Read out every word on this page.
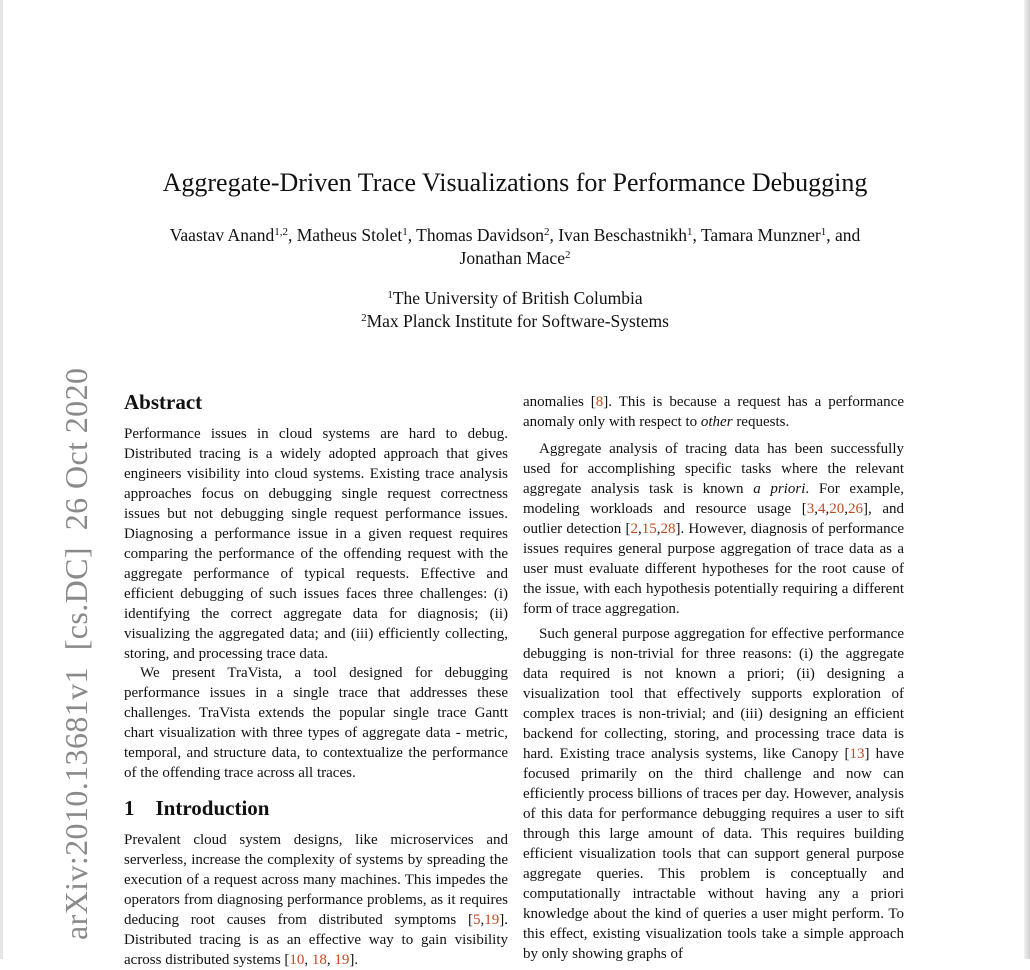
arXiv:2010.13681v1  [cs.DC]  26 Oct 2020
Aggregate-Driven Trace Visualizations for Performance Debugging
Vaastav Anand$^{1,2}$, Matheus Stolet$^1$, Thomas Davidson$^2$, Ivan Beschastnikh$^1$, Tamara Munzner$^1$, and
Jonathan Mace$^2$
$^1$The University of British Columbia
$^2$Max Planck Institute for Software-Systems
Abstract

Performance issues in cloud systems are hard to debug. Distributed tracing is a widely adopted approach that gives engineers visibility into cloud systems. Existing trace analysis approaches focus on debugging single request correctness issues but not debugging single request performance issues. Diagnosing a performance issue in a given request requires comparing the performance of the offending request with the aggregate performance of typical requests. Effective and efficient debugging of such issues faces three challenges: (i) identifying the correct aggregate data for diagnosis; (ii) visualizing the aggregated data; and (iii) efficiently collecting, storing, and processing trace data.

We present TraVista, a tool designed for debugging performance issues in a single trace that addresses these challenges. TraVista extends the popular single trace Gantt chart visualization with three types of aggregate data - metric, temporal, and structure data, to contextualize the performance of the offending trace across all traces.

1 Introduction

Prevalent cloud system designs, like microservices and serverless, increase the complexity of systems by spreading the execution of a request across many machines. This impedes the operators from diagnosing performance problems, as it requires deducing root causes from distributed symptoms [5,19]. Distributed tracing is as an effective way to gain visibility across distributed systems [10, 18, 19].

anomalies [8]. This is because a request has a performance anomaly only with respect to other requests.

Aggregate analysis of tracing data has been successfully used for accomplishing specific tasks where the relevant aggregate analysis task is known a priori. For example, modeling workloads and resource usage [3,4,20,26], and outlier detection [2,15,28]. However, diagnosis of performance issues requires general purpose aggregation of trace data as a user must evaluate different hypotheses for the root cause of the issue, with each hypothesis potentially requiring a different form of trace aggregation.

Such general purpose aggregation for effective performance debugging is non-trivial for three reasons: (i) the aggregate data required is not known a priori; (ii) designing a visualization tool that effectively supports exploration of complex traces is non-trivial; and (iii) designing an efficient backend for collecting, storing, and processing trace data is hard. Existing trace analysis systems, like Canopy [13] have focused primarily on the third challenge and now can efficiently process billions of traces per day. However, analysis of this data for performance debugging requires a user to sift through this large amount of data. This requires building efficient visualization tools that can support general purpose aggregate queries. This problem is conceptually and computationally intractable without having any a priori knowledge about the kind of queries a user might perform. To this effect, existing visualization tools take a simple approach by only showing graphs of
